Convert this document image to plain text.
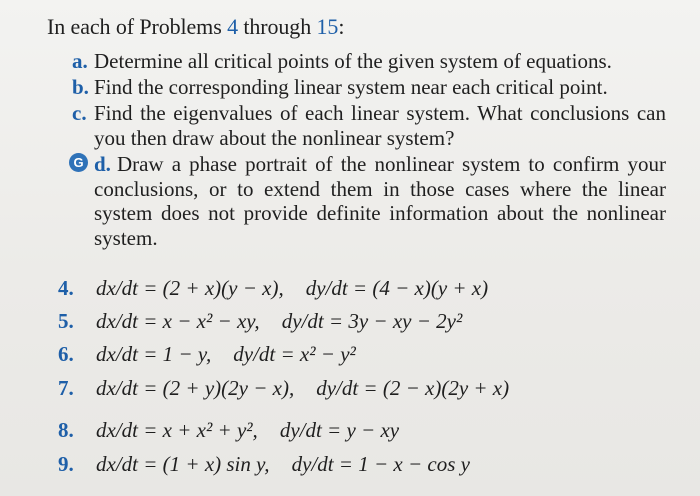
In each of Problems 4 through 15:
a. Determine all critical points of the given system of equations.
b. Find the corresponding linear system near each critical point.
c. Find the eigenvalues of each linear system. What conclusions can you then draw about the nonlinear system?
G d. Draw a phase portrait of the nonlinear system to confirm your conclusions, or to extend them in those cases where the linear system does not provide definite information about the nonlinear system.
4. dx/dt = (2 + x)(y − x), dy/dt = (4 − x)(y + x)
5. dx/dt = x − x² − xy, dy/dt = 3y − xy − 2y²
6. dx/dt = 1 − y, dy/dt = x² − y²
7. dx/dt = (2 + y)(2y − x), dy/dt = (2 − x)(2y + x)
8. dx/dt = x + x² + y², dy/dt = y − xy
9. dx/dt = (1 + x) sin y, dy/dt = 1 − x − cos y
